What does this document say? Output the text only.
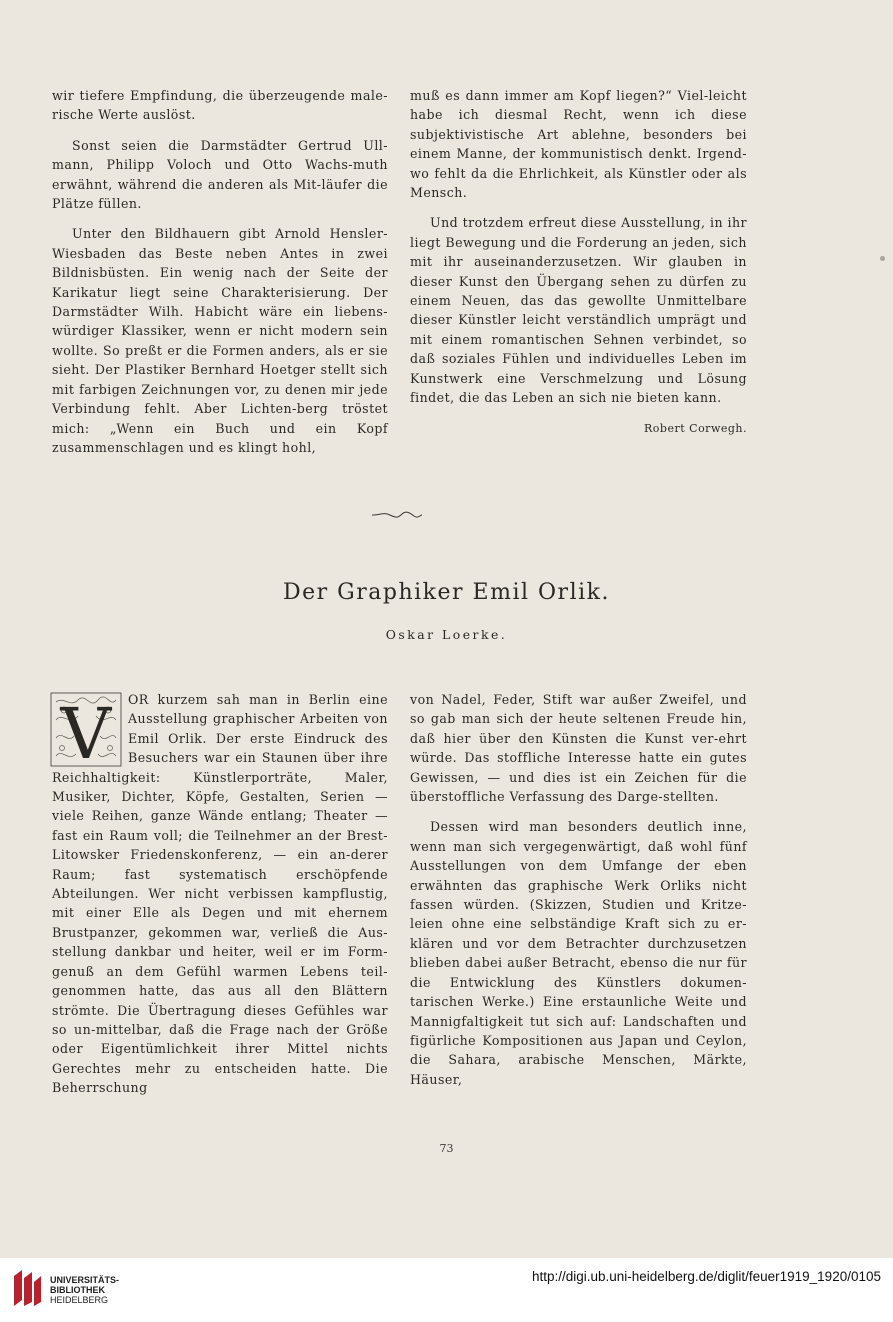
wir tiefere Empfindung, die überzeugende male-rische Werte auslöst.

Sonst seien die Darmstädter Gertrud Ull-mann, Philipp Voloch und Otto Wachs-muth erwähnt, während die anderen als Mit-läufer die Plätze füllen.

Unter den Bildhauern gibt Arnold Hensler-Wiesbaden das Beste neben Antes in zwei Bildnisbüsten. Ein wenig nach der Seite der Karikatur liegt seine Charakterisierung. Der Darmstädter Wilh. Habicht wäre ein liebens-würdiger Klassiker, wenn er nicht modern sein wollte. So preßt er die Formen anders, als er sie sieht. Der Plastiker Bernhard Hoetger stellt sich mit farbigen Zeichnungen vor, zu denen mir jede Verbindung fehlt. Aber Lichten-berg tröstet mich: „Wenn ein Buch und ein Kopf zusammenschlagen und es klingt hohl,

muß es dann immer am Kopf liegen?“ Viel-leicht habe ich diesmal Recht, wenn ich diese subjektivistische Art ablehne, besonders bei einem Manne, der kommunistisch denkt. Irgend-wo fehlt da die Ehrlichkeit, als Künstler oder als Mensch.

Und trotzdem erfreut diese Ausstellung, in ihr liegt Bewegung und die Forderung an jeden, sich mit ihr auseinanderzusetzen. Wir glauben in dieser Kunst den Übergang sehen zu dürfen zu einem Neuen, das das gewollte Unmittelbare dieser Künstler leicht verständlich umprägt und mit einem romantischen Sehnen verbindet, so daß soziales Fühlen und individuelles Leben im Kunstwerk eine Verschmelzung und Lösung findet, die das Leben an sich nie bieten kann.

Robert Corwegh.
Der Graphiker Emil Orlik.
Oskar Loerke.
V	OR kurzem sah man in Berlin eine Ausstellung graphischer Arbeiten von Emil Orlik. Der erste Eindruck des Besuchers war ein Staunen über ihre Reichhaltigkeit: Künstlerporträte, Maler, Musiker, Dichter, Köpfe, Gestalten, Serien — viele Reihen, ganze Wände entlang; Theater — fast ein Raum voll; die Teilnehmer an der Brest-Litowsker Friedenskonferenz, — ein an-derer Raum; fast systematisch erschöpfende Abteilungen. Wer nicht verbissen kampflustig, mit einer Elle als Degen und mit ehernem Brustpanzer, gekommen war, verließ die Aus-stellung dankbar und heiter, weil er im Form-genuß an dem Gefühl warmen Lebens teil-genommen hatte, das aus all den Blättern strömte. Die Übertragung dieses Gefühles war so un-mittelbar, daß die Frage nach der Größe oder Eigentümlichkeit ihrer Mittel nichts Gerechtes mehr zu entscheiden hatte. Die Beherrschung

von Nadel, Feder, Stift war außer Zweifel, und so gab man sich der heute seltenen Freude hin, daß hier über den Künsten die Kunst ver-ehrt würde. Das stoffliche Interesse hatte ein gutes Gewissen, — und dies ist ein Zeichen für die überstoffliche Verfassung des Darge-stellten.

Dessen wird man besonders deutlich inne, wenn man sich vergegenwärtigt, daß wohl fünf Ausstellungen von dem Umfange der eben erwähnten das graphische Werk Orliks nicht fassen würden. (Skizzen, Studien und Kritze-leien ohne eine selbständige Kraft sich zu er-klären und vor dem Betrachter durchzusetzen blieben dabei außer Betracht, ebenso die nur für die Entwicklung des Künstlers dokumen-tarischen Werke.) Eine erstaunliche Weite und Mannigfaltigkeit tut sich auf: Landschaften und figürliche Kompositionen aus Japan und Ceylon, die Sahara, arabische Menschen, Märkte, Häuser,

73
UNIVERSITÄTS-
BIBLIOTHEK
HEIDELBERG
http://digi.ub.uni-heidelberg.de/diglit/feuer1919_1920/0105
